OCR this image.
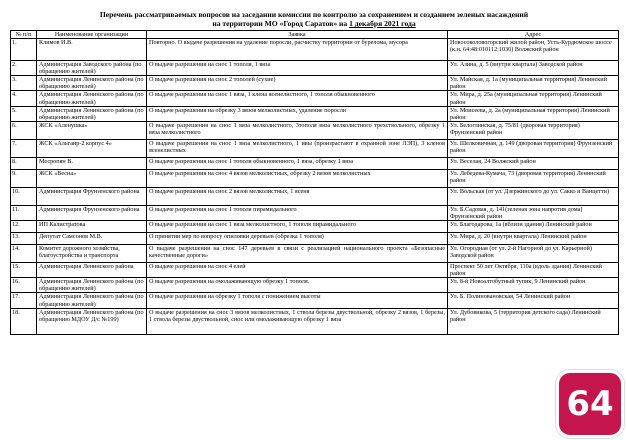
Перечень рассматриваемых вопросов на заседании комиссии по контролю за сохранением и созданием зеленых насаждений
на территории МО «Город Саратов» на 1 декабря 2021 года
№ п/п	Наименование организации	Заявка	Адрес
1.	Климов И.В.	Повторно. О выдаче разрешения на удаление поросли, расчистку территории от бурелома, мусора	Новосоколовогорский жилой район, Усть-Курдюмское шоссе (к.н. 64:48:010112:1030) Волжский район
2.	Администрация Заводского района (по обращению жителей)	О выдаче разрешения на снос 1 тополя, 1 вяза	Ул. Азина, д. 5 (внутри квартала) Заводской район
3.	Администрация Ленинского района (по обращению жителей)	О выдаче разрешения на снос 2 тополей (сухие)	Ул. Майская, д. 1а (муниципальная территория) Ленинский район
4.	Администрация Ленинского района (по обращению жителей)	О выдаче разрешения на снос 1 вяза, 1 клена ясенелистного, 1 тополя обыкновенного	Ул. Мира, д. 25а (муниципальная территория) Ленинский район
5.	Администрация Ленинского района (по обращению жителей)	О выдаче разрешения на обрезку 3 вязов мелколистных, удаление поросли	Ул. Моисеева, д. 2а (муниципальная территория) Ленинский район
6.	ЖСК «Аленушка»	О выдаче разрешения на снос 1 вяза мелколистного, 3тополя вяза мелколистного трехствольного, обрезку 1 вяза мелколистного	Ул. Белоглинская, д. 75/81 (дворовая территория) Фрунзенский район
7.	ЖСК «Альтаир-2 корпус 4»	О выдаче разрешения на снос 1 вяза мелколистного, 1 ивы (произрастают в охранной зоне ЛЭП), 3 кленов ясенелистных	Ул. Шелковичная, д. 149 (дворовая территория) Фрунзенский район
8.	Месропян В.	О выдаче разрешения на снос 1 тополя обыкновенного, 1 вяза, обрезку 1 вяза	Ул. Веселая, 24 Волжский район
9.	ЖСК «Весна»	О выдаче разрешения на снос 4 вязов мелколистных, обрезку 2 вязов мелколистных	Ул. Лебедева-Кумача, 73 (дворовая территория) Ленинский район
10.	Администрация Фрунзенского района	О выдаче разрешения на снос 2 вязов мелколистных, 1 ясеня	Ул. Вольская (от ул. Дзержинского до ул. Сакко и Ванцетти)
11.	Администрация Фрунзенского района	О выдаче разрешения на снос 1 тополя пирамидального	Ул. Б.Садовая, д. 141(зеленая зона напротив дома) Фрунзенский район
12.	ИП Калистратова	О выдаче разрешения на снос 1 вяза мелколистного, 1 тополя пирамидального	Ул. Благодарова, 1а (вблизи здания) Ленинский район
13.	Депутат Самсонов М.В.	О принятии мер по вопросу опиловки деревьев (обрезка 1 тополя)	Ул. Мира, д. 20 (внутри квартала) Ленинский район
14.	Комитет дорожного хозяйства, благоустройства и транспорта	О выдаче разрешения на снос 147 деревьев в связи с реализацией национального проекта «Безопасные качественные дороги»	Ул. Огородная (от ул. 2-й Нагорной до ул. Карьерной) Заводской район
15.	Администрация Ленинского района	О выдаче разрешения на снос 4 елей	Проспект 50 лет Октября, 110а (вдоль здания) Ленинский район
16.	Администрация Ленинского района (по обращению жителей)	О выдаче разрешения на омолаживающую обрезку 1 тополя.	Ул. 8-й Новоалтобутный тупик, 9 Ленинский район
17.	Администрация Ленинского района (по обращению жителей)	О выдаче разрешения на обрезку 1 тополя с понижением высоты	Ул. Б. Полиновановская, 54 Ленинский район
18.	Администрация Ленинского района (по обращению МДОУ Д/с №199)	О выдаче разрешения на снос 3 вязов мелколистных, 1 ствола березы двуствольной, обрезку 2 вязов, 1 березы, 1 ствола березы двуствольной, снос или омолаживающую обрезку 1 вяза	Ул. Дубовикова, 5 (территория детского сада) Ленинский район
64
